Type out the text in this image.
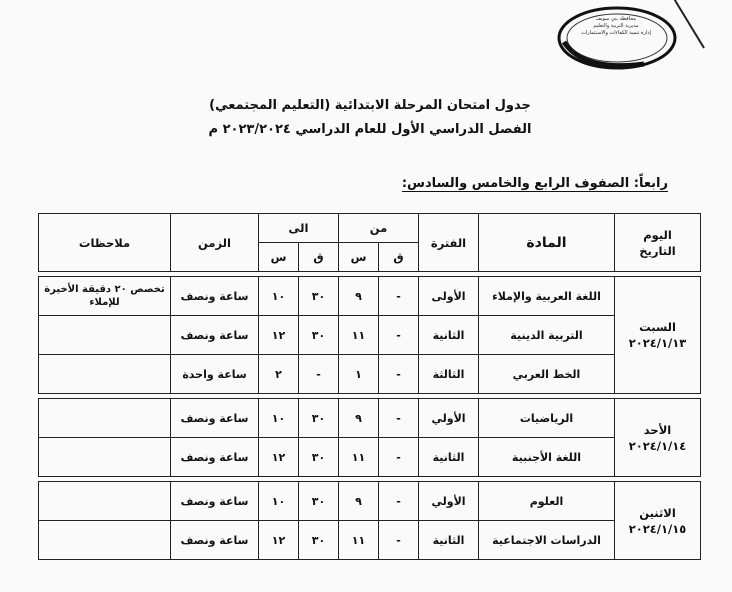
محافظة بني سويف
مديرية التربية والتعليم
إدارة تنمية الكفاءات والاستثمارات
جدول امتحان المرحلة الابتدائية (التعليم المجتمعي)
الفصل الدراسي الأول للعام الدراسي ٢٠٢٣/٢٠٢٤ م
رابعاً: الصفوف الرابع والخامس والسادس:
اليوم
التاريخ	المادة	الفترة	من		الى		الزمن	ملاحظات
			ق	س	ق	س		

السبت
٢٠٢٤/١/١٣	اللغة العربية والإملاء	الأولى	-	٩	٣٠	١٠	ساعة ونصف	تخصص ٢٠ دقيقة الأخيرة للإملاء
	التربية الدينية	الثانية	-	١١	٣٠	١٢	ساعة ونصف	
	الخط العربي	الثالثة	-	١	-	٢	ساعة واحدة	

الأحد
٢٠٢٤/١/١٤	الرياضيات	الأولي	-	٩	٣٠	١٠	ساعة ونصف	
	اللغة الأجنبية	الثانية	-	١١	٣٠	١٢	ساعة ونصف	

الاثنين
٢٠٢٤/١/١٥	العلوم	الأولي	-	٩	٣٠	١٠	ساعة ونصف	
	الدراسات الاجتماعية	الثانية	-	١١	٣٠	١٢	ساعة ونصف	
